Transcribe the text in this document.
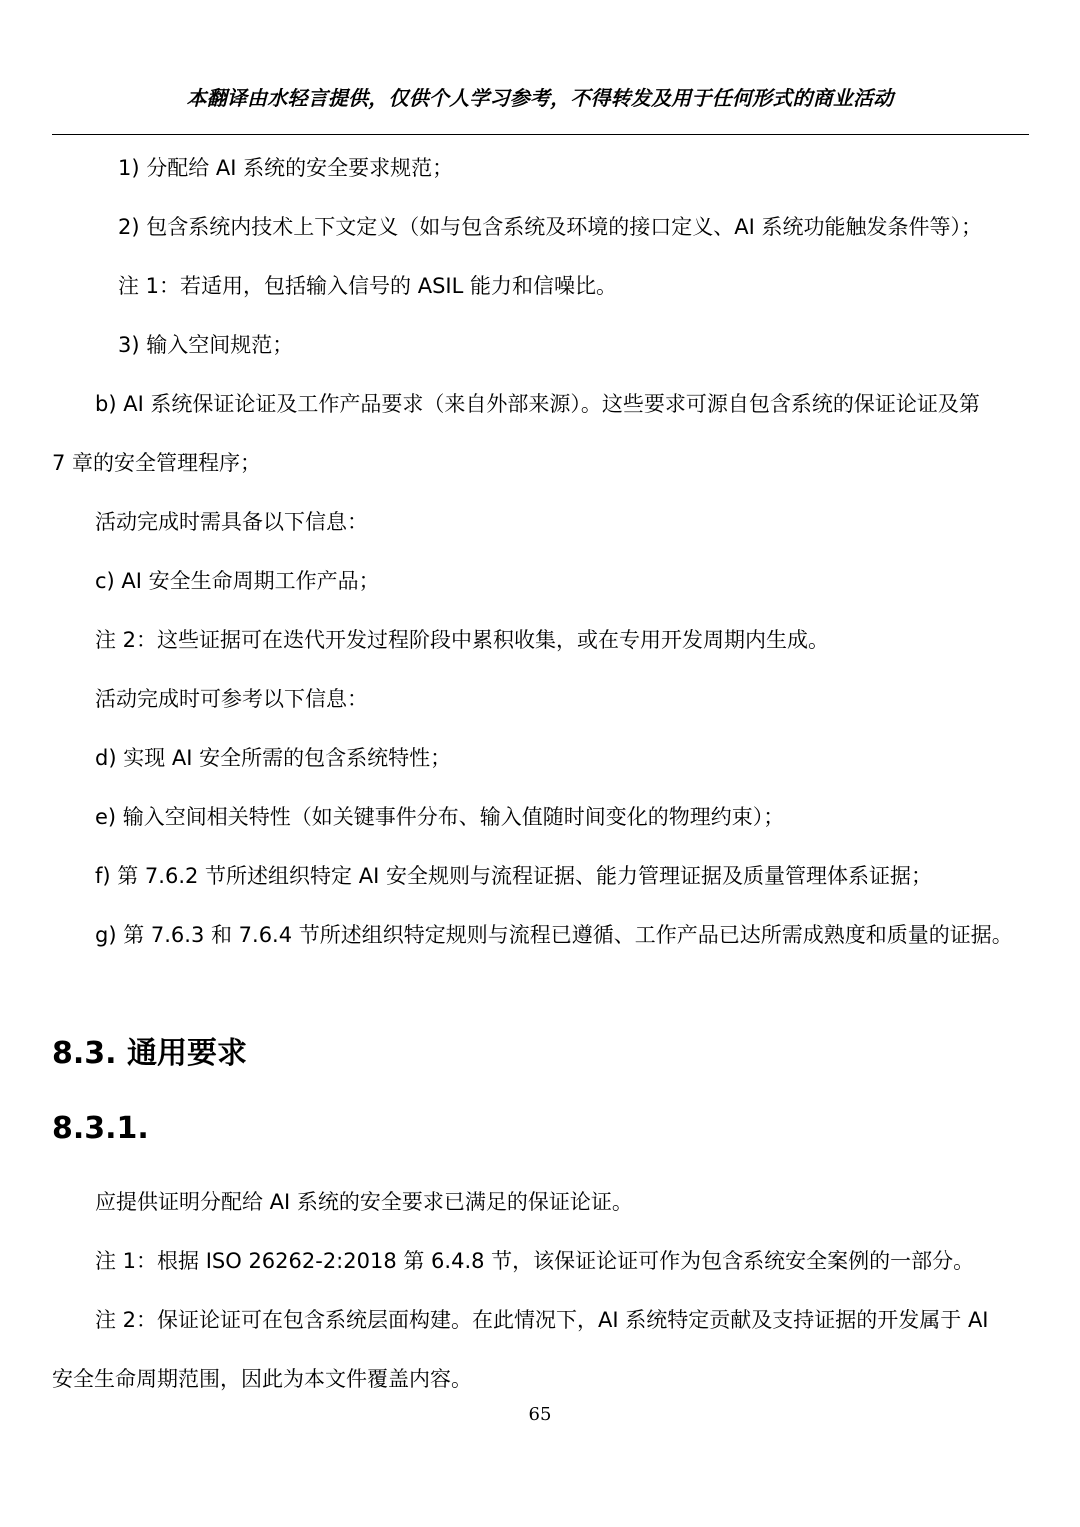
本翻译由水轻言提供，仅供个人学习参考，不得转发及用于任何形式的商业活动
1) 分配给 AI 系统的安全要求规范；
2) 包含系统内技术上下文定义（如与包含系统及环境的接口定义、AI 系统功能触发条件等）；
注 1：若适用，包括输入信号的 ASIL 能力和信噪比。
3) 输入空间规范；
b) AI 系统保证论证及工作产品要求（来自外部来源）。这些要求可源自包含系统的保证论证及第
7 章的安全管理程序；
活动完成时需具备以下信息：
c) AI 安全生命周期工作产品；
注 2：这些证据可在迭代开发过程阶段中累积收集，或在专用开发周期内生成。
活动完成时可参考以下信息：
d) 实现 AI 安全所需的包含系统特性；
e) 输入空间相关特性（如关键事件分布、输入值随时间变化的物理约束）；
f) 第 7.6.2 节所述组织特定 AI 安全规则与流程证据、能力管理证据及质量管理体系证据；
g) 第 7.6.3 和 7.6.4 节所述组织特定规则与流程已遵循、工作产品已达所需成熟度和质量的证据。
8.3. 通用要求
8.3.1.
应提供证明分配给 AI 系统的安全要求已满足的保证论证。
注 1：根据 ISO 26262-2:2018 第 6.4.8 节，该保证论证可作为包含系统安全案例的一部分。
注 2：保证论证可在包含系统层面构建。在此情况下，AI 系统特定贡献及支持证据的开发属于 AI
安全生命周期范围，因此为本文件覆盖内容。
65
